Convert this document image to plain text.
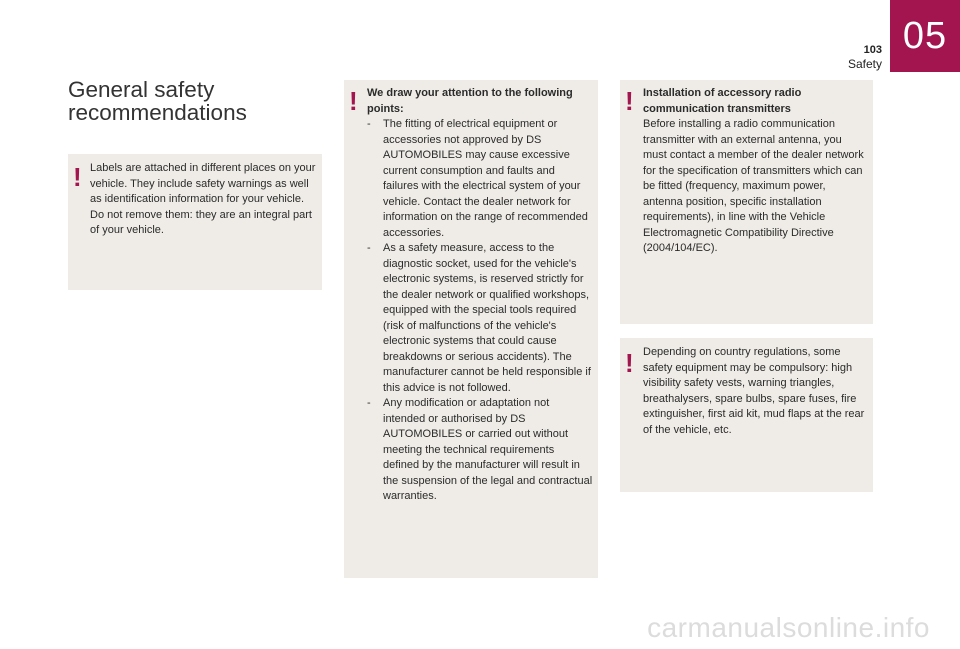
103
Safety
05
General safety recommendations
! Labels are attached in different places on your vehicle. They include safety warnings as well as identification information for your vehicle. Do not remove them: they are an integral part of your vehicle.
! We draw your attention to the following points:
- The fitting of electrical equipment or accessories not approved by DS AUTOMOBILES may cause excessive current consumption and faults and failures with the electrical system of your vehicle. Contact the dealer network for information on the range of recommended accessories.
- As a safety measure, access to the diagnostic socket, used for the vehicle's electronic systems, is reserved strictly for the dealer network or qualified workshops, equipped with the special tools required (risk of malfunctions of the vehicle's electronic systems that could cause breakdowns or serious accidents). The manufacturer cannot be held responsible if this advice is not followed.
- Any modification or adaptation not intended or authorised by DS AUTOMOBILES or carried out without meeting the technical requirements defined by the manufacturer will result in the suspension of the legal and contractual warranties.
! Installation of accessory radio communication transmitters
Before installing a radio communication transmitter with an external antenna, you must contact a member of the dealer network for the specification of transmitters which can be fitted (frequency, maximum power, antenna position, specific installation requirements), in line with the Vehicle Electromagnetic Compatibility Directive (2004/104/EC).
! Depending on country regulations, some safety equipment may be compulsory: high visibility safety vests, warning triangles, breathalysers, spare bulbs, spare fuses, fire extinguisher, first aid kit, mud flaps at the rear of the vehicle, etc.
carmanualsonline.info
